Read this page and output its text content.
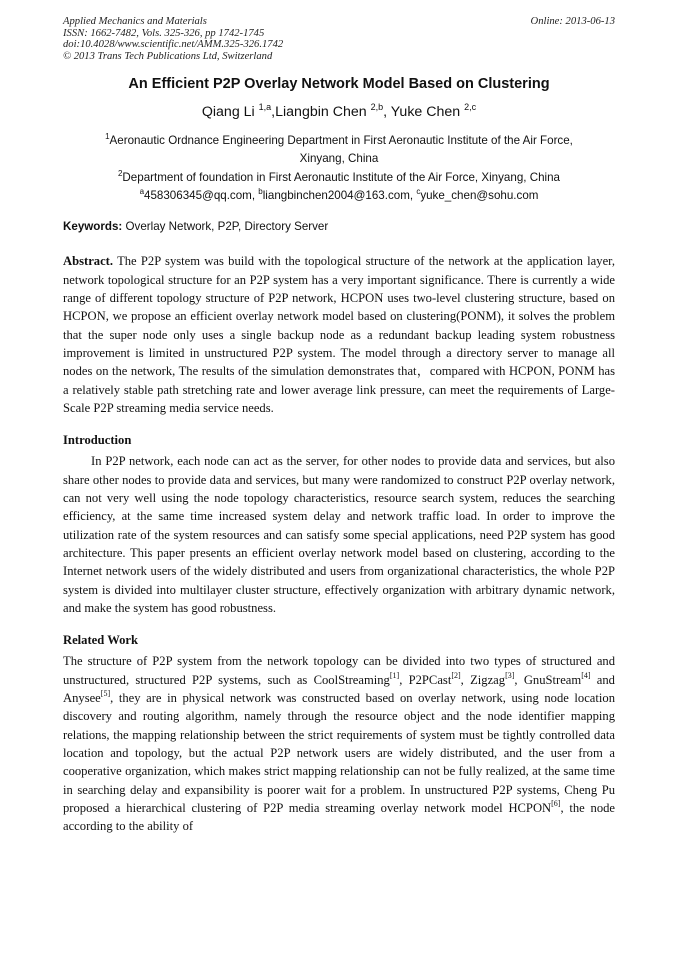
Applied Mechanics and Materials
ISSN: 1662-7482, Vols. 325-326, pp 1742-1745
doi:10.4028/www.scientific.net/AMM.325-326.1742
© 2013 Trans Tech Publications Ltd, Switzerland
Online: 2013-06-13
An Efficient P2P Overlay Network Model Based on Clustering
Qiang Li $^{1,a}$,Liangbin Chen $^{2,b}$, Yuke Chen $^{2,c}$
$^1$Aeronautic Ordnance Engineering Department in First Aeronautic Institute of the Air Force,
Xinyang, China
$^2$Department of foundation in First Aeronautic Institute of the Air Force, Xinyang, China
$^a$458306345@qq.com, $^b$liangbinchen2004@163.com, $^c$yuke_chen@sohu.com
Keywords: Overlay Network, P2P, Directory Server
Abstract. The P2P system was build with the topological structure of the network at the application layer, network topological structure for an P2P system has a very important significance. There is currently a wide range of different topology structure of P2P network, HCPON uses two-level clustering structure, based on HCPON, we propose an efficient overlay network model based on clustering(PONM), it solves the problem that the super node only uses a single backup node as a redundant backup leading system robustness improvement is limited in unstructured P2P system. The model through a directory server to manage all nodes on the network, The results of the simulation demonstrates that，compared with HCPON, PONM has a relatively stable path stretching rate and lower average link pressure, can meet the requirements of Large-Scale P2P streaming media service needs.
Introduction
In P2P network, each node can act as the server, for other nodes to provide data and services, but also share other nodes to provide data and services, but many were randomized to construct P2P overlay network, can not very well using the node topology characteristics, resource search system, reduces the searching efficiency, at the same time increased system delay and network traffic load. In order to improve the utilization rate of the system resources and can satisfy some special applications, need P2P system has good architecture. This paper presents an efficient overlay network model based on clustering, according to the Internet network users of the widely distributed and users from organizational characteristics, the whole P2P system is divided into multilayer cluster structure, effectively organization with arbitrary dynamic network, and make the system has good robustness.
Related Work
The structure of P2P system from the network topology can be divided into two types of structured and unstructured, structured P2P systems, such as CoolStreaming[1], P2PCast[2], Zigzag[3], GnuStream[4] and Anysee[5], they are in physical network was constructed based on overlay network, using node location discovery and routing algorithm, namely through the resource object and the node identifier mapping relations, the mapping relationship between the strict requirements of system must be tightly controlled data location and topology, but the actual P2P network users are widely distributed, and the user from a cooperative organization, which makes strict mapping relationship can not be fully realized, at the same time in searching delay and expansibility is poorer wait for a problem. In unstructured P2P systems, Cheng Pu proposed a hierarchical clustering of P2P media streaming overlay network model HCPON[6], the node according to the ability of
